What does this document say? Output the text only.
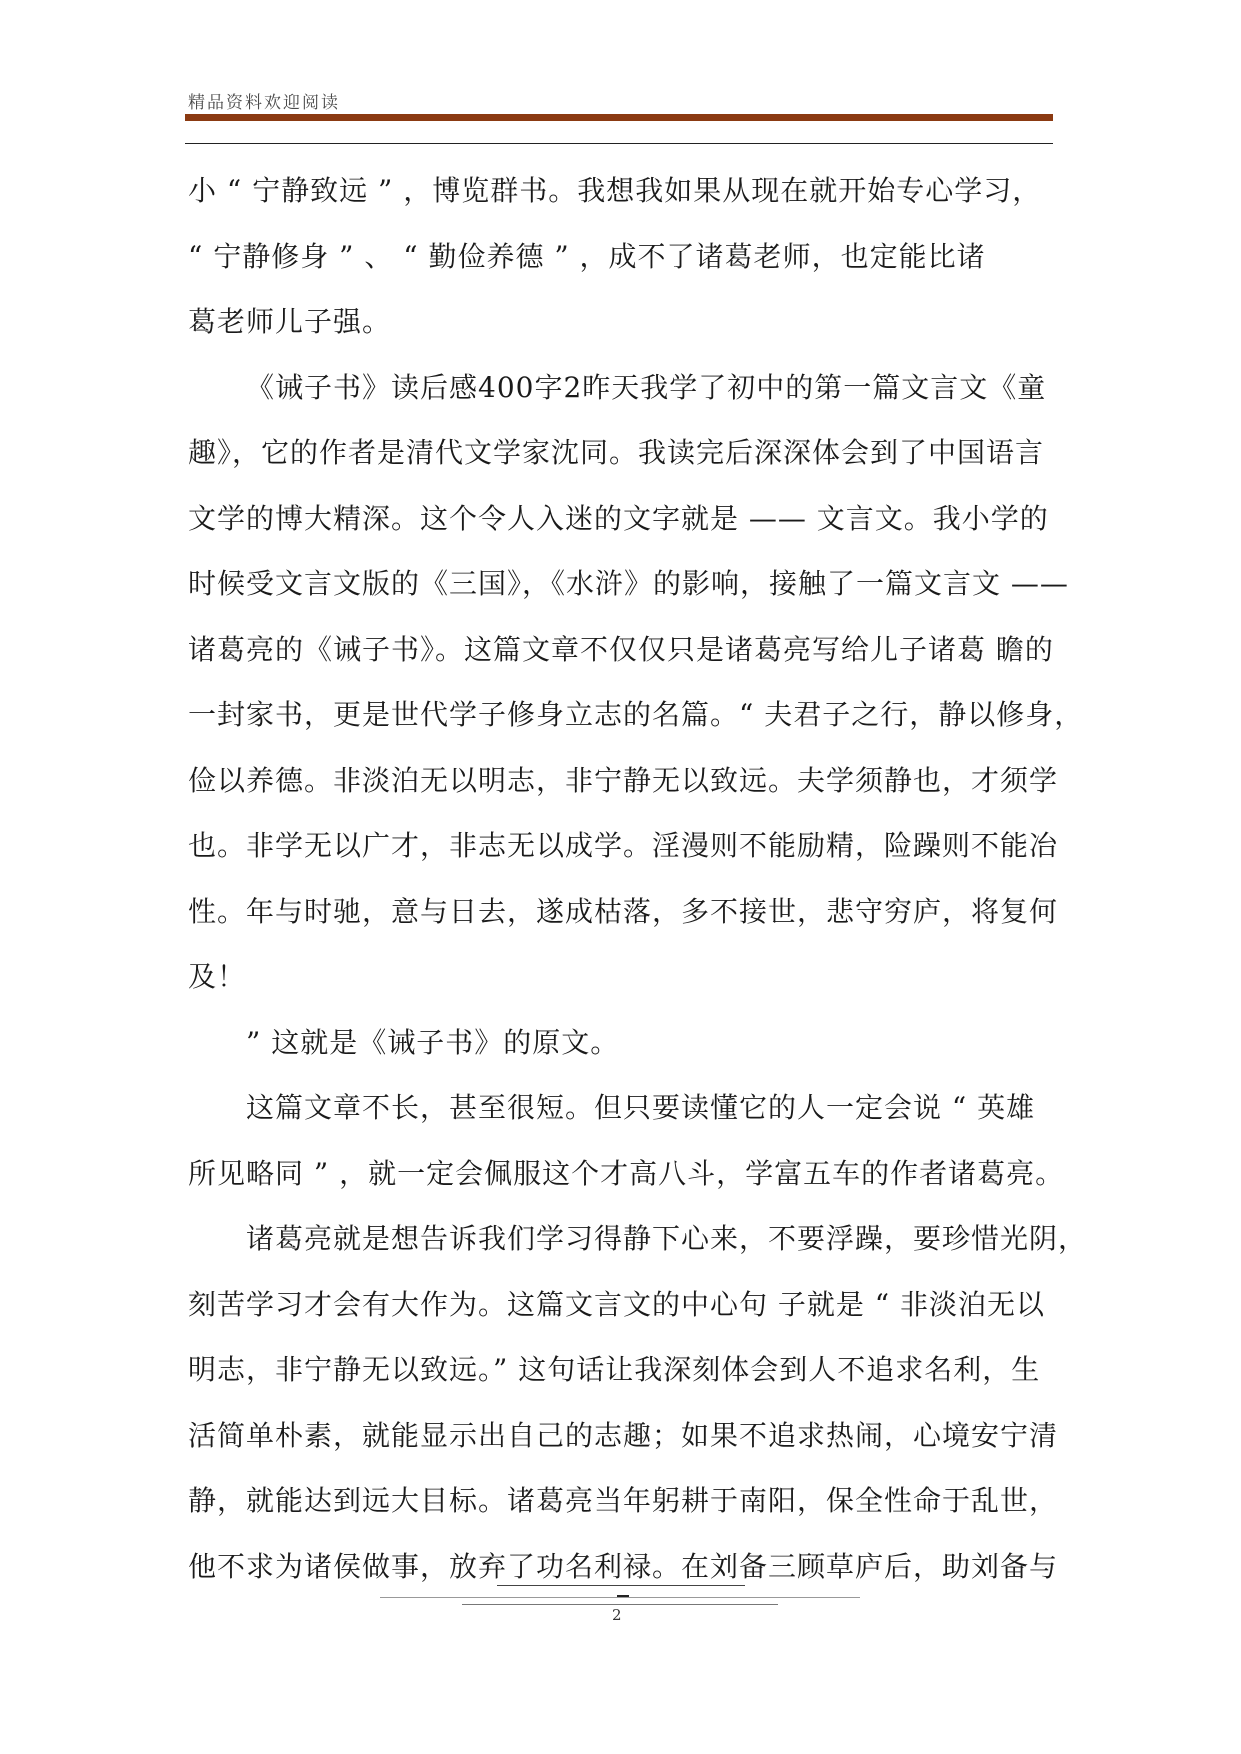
精品资料欢迎阅读
小 “ 宁静致远 ” ，博览群书。我想我如果从现在就开始专心学习，
“ 宁静修身 ” 、 “ 勤俭养德 ” ，成不了诸葛老师，也定能比诸
葛老师儿子强。
《诫子书》读后感400字2昨天我学了初中的第一篇文言文《童
趣》，它的作者是清代文学家沈同。我读完后深深体会到了中国语言
文学的博大精深。这个令人入迷的文字就是 —— 文言文。我小学的
时候受文言文版的《三国》，《水浒》的影响，接触了一篇文言文 ——
诸葛亮的《诫子书》。这篇文章不仅仅只是诸葛亮写给儿子诸葛 瞻的
一封家书，更是世代学子修身立志的名篇。“ 夫君子之行，静以修身，
俭以养德。非淡泊无以明志，非宁静无以致远。夫学须静也，才须学
也。非学无以广才，非志无以成学。淫漫则不能励精，险躁则不能冶
性。年与时驰，意与日去，遂成枯落，多不接世，悲守穷庐，将复何
及！
” 这就是《诫子书》的原文。
这篇文章不长，甚至很短。但只要读懂它的人一定会说 “ 英雄
所见略同 ” ，就一定会佩服这个才高八斗，学富五车的作者诸葛亮。
诸葛亮就是想告诉我们学习得静下心来，不要浮躁，要珍惜光阴，
刻苦学习才会有大作为。这篇文言文的中心句 子就是 “ 非淡泊无以
明志，非宁静无以致远。” 这句话让我深刻体会到人不追求名利，生
活简单朴素，就能显示出自己的志趣；如果不追求热闹，心境安宁清
静，就能达到远大目标。诸葛亮当年躬耕于南阳，保全性命于乱世，
他不求为诸侯做事，放弃了功名利禄。在刘备三顾草庐后，助刘备与
2
